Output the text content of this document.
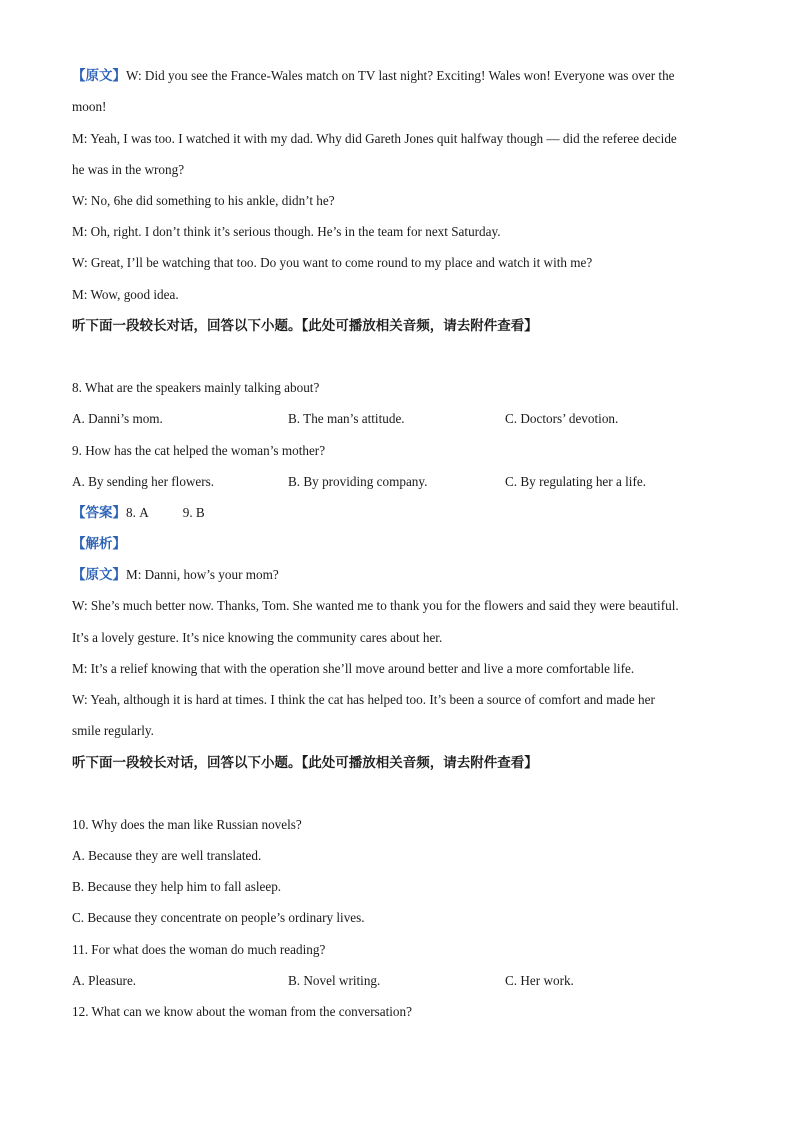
【原文】W: Did you see the France-Wales match on TV last night? Exciting! Wales won! Everyone was over the
moon!
M: Yeah, I was too. I watched it with my dad. Why did Gareth Jones quit halfway though — did the referee decide
he was in the wrong?
W: No, 6he did something to his ankle, didn’t he?
M: Oh, right. I don’t think it’s serious though. He’s in the team for next Saturday.
W: Great, I’ll be watching that too. Do you want to come round to my place and watch it with me?
M: Wow, good idea.
听下面一段较长对话，回答以下小题。【此处可播放相关音频，请去附件查看】
8. What are the speakers mainly talking about?
A. Danni’s mom.	B. The man’s attitude.	C. Doctors’ devotion.
9. How has the cat helped the woman’s mother?
A. By sending her flowers.	B. By providing company.	C. By regulating her a life.
【答案】8. A	9. B
【解析】
【原文】M: Danni, how’s your mom?
W: She’s much better now. Thanks, Tom. She wanted me to thank you for the flowers and said they were beautiful.
It’s a lovely gesture. It’s nice knowing the community cares about her.
M: It’s a relief knowing that with the operation she’ll move around better and live a more comfortable life.
W: Yeah, although it is hard at times. I think the cat has helped too. It’s been a source of comfort and made her
smile regularly.
听下面一段较长对话，回答以下小题。【此处可播放相关音频，请去附件查看】
10. Why does the man like Russian novels?
A. Because they are well translated.
B. Because they help him to fall asleep.
C. Because they concentrate on people’s ordinary lives.
11. For what does the woman do much reading?
A. Pleasure.	B. Novel writing.	C. Her work.
12. What can we know about the woman from the conversation?
